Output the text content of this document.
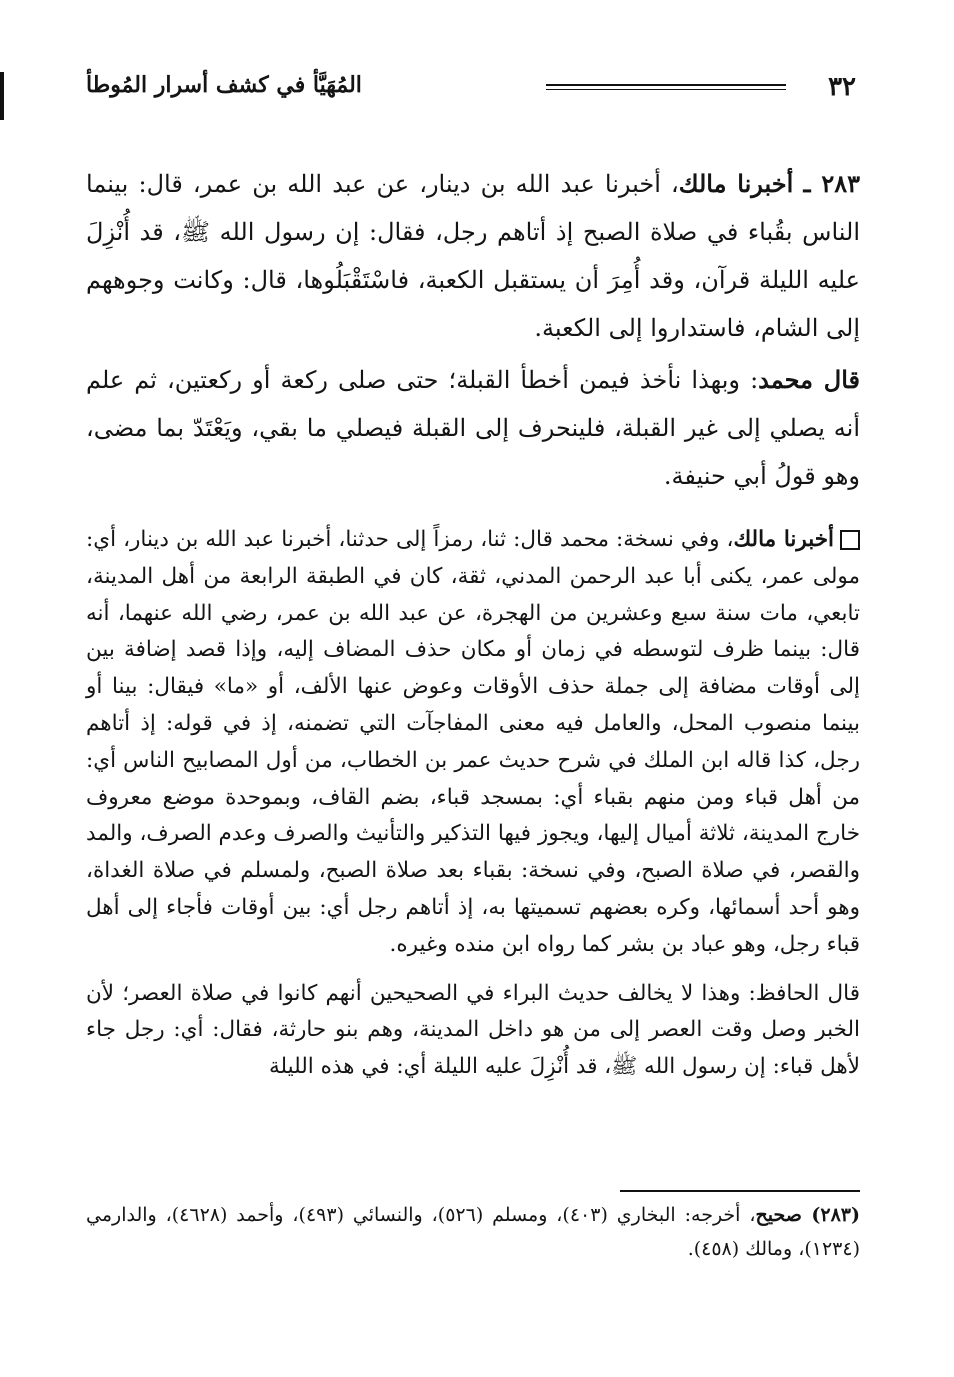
٣٢
المُهَيَّأ في كشف أسرار المُوطأ

٢٨٣ ـ أخبرنا مالك، أخبرنا عبد الله بن دينار، عن عبد الله بن عمر، قال: بينما الناس بقُباء في صلاة الصبح إذ أتاهم رجل، فقال: إن رسول الله ﷺ، قد أُنْزِلَ عليه الليلة قرآن، وقد أُمِرَ أن يستقبل الكعبة، فاسْتَقْبَلُوها، قال: وكانت وجوههم إلى الشام، فاستداروا إلى الكعبة.

قال محمد: وبهذا نأخذ فيمن أخطأ القبلة؛ حتى صلى ركعة أو ركعتين، ثم علم أنه يصلي إلى غير القبلة، فلينحرف إلى القبلة فيصلي ما بقي، ويَعْتَدّ بما مضى، وهو قولُ أبي حنيفة.

أخبرنا مالك، وفي نسخة: محمد قال: ثنا، رمزاً إلى حدثنا، أخبرنا عبد الله بن دينار، أي: مولى عمر، يكنى أبا عبد الرحمن المدني، ثقة، كان في الطبقة الرابعة من أهل المدينة، تابعي، مات سنة سبع وعشرين من الهجرة، عن عبد الله بن عمر، رضي الله عنهما، أنه قال: بينما ظرف لتوسطه في زمان أو مكان حذف المضاف إليه، وإذا قصد إضافة بين إلى أوقات مضافة إلى جملة حذف الأوقات وعوض عنها الألف، أو «ما» فيقال: بينا أو بينما منصوب المحل، والعامل فيه معنى المفاجآت التي تضمنه، إذ في قوله: إذ أتاهم رجل، كذا قاله ابن الملك في شرح حديث عمر بن الخطاب، من أول المصابيح الناس أي: من أهل قباء ومن منهم بقباء أي: بمسجد قباء، بضم القاف، وبموحدة موضع معروف خارج المدينة، ثلاثة أميال إليها، ويجوز فيها التذكير والتأنيث والصرف وعدم الصرف، والمد والقصر، في صلاة الصبح، وفي نسخة: بقباء بعد صلاة الصبح، ولمسلم في صلاة الغداة، وهو أحد أسمائها، وكره بعضهم تسميتها به، إذ أتاهم رجل أي: بين أوقات فأجاء إلى أهل قباء رجل، وهو عباد بن بشر كما رواه ابن منده وغيره.

قال الحافظ: وهذا لا يخالف حديث البراء في الصحيحين أنهم كانوا في صلاة العصر؛ لأن الخبر وصل وقت العصر إلى من هو داخل المدينة، وهم بنو حارثة، فقال: أي: رجل جاء لأهل قباء: إن رسول الله ﷺ، قد أُنْزِلَ عليه الليلة أي: في هذه الليلة

(٢٨٣) صحيح، أخرجه: البخاري (٤٠٣)، ومسلم (٥٢٦)، والنسائي (٤٩٣)، وأحمد (٤٦٢٨)، والدارمي (١٢٣٤)، ومالك (٤٥٨).
